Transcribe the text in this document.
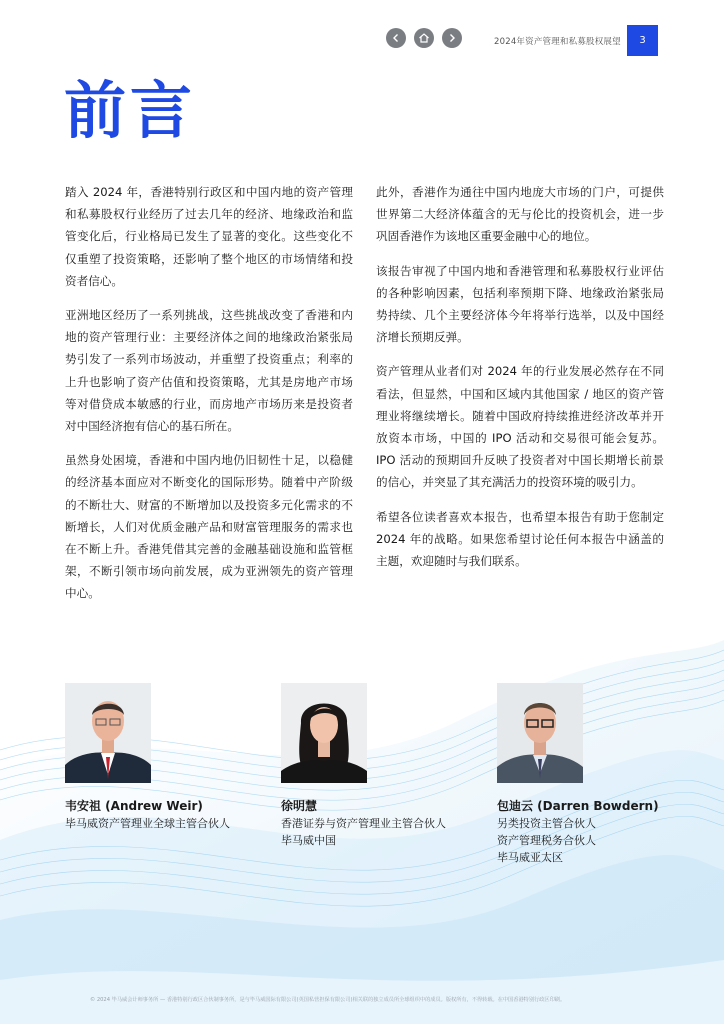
2024年资产管理和私募股权展望	3
前言

踏入 2024 年，香港特别行政区和中国内地的资产管理和私募股权行业经历了过去几年的经济、地缘政治和监管变化后，行业格局已发生了显著的变化。这些变化不仅重塑了投资策略，还影响了整个地区的市场情绪和投资者信心。

亚洲地区经历了一系列挑战，这些挑战改变了香港和内地的资产管理行业：主要经济体之间的地缘政治紧张局势引发了一系列市场波动，并重塑了投资重点；利率的上升也影响了资产估值和投资策略，尤其是房地产市场等对借贷成本敏感的行业，而房地产市场历来是投资者对中国经济抱有信心的基石所在。

虽然身处困境，香港和中国内地仍旧韧性十足，以稳健的经济基本面应对不断变化的国际形势。随着中产阶级的不断壮大、财富的不断增加以及投资多元化需求的不断增长，人们对优质金融产品和财富管理服务的需求也在不断上升。香港凭借其完善的金融基础设施和监管框架，不断引领市场向前发展，成为亚洲领先的资产管理中心。

此外，香港作为通往中国内地庞大市场的门户，可提供世界第二大经济体蕴含的无与伦比的投资机会，进一步巩固香港作为该地区重要金融中心的地位。

该报告审视了中国内地和香港管理和私募股权行业评估的各种影响因素，包括利率预期下降、地缘政治紧张局势持续、几个主要经济体今年将举行选举，以及中国经济增长预期反弹。

资产管理从业者们对 2024 年的行业发展必然存在不同看法，但显然，中国和区域内其他国家 / 地区的资产管理业将继续增长。随着中国政府持续推进经济改革并开放资本市场，中国的 IPO 活动和交易很可能会复苏。IPO 活动的预期回升反映了投资者对中国长期增长前景的信心，并突显了其充满活力的投资环境的吸引力。

希望各位读者喜欢本报告，也希望本报告有助于您制定 2024 年的战略。如果您希望讨论任何本报告中涵盖的主题，欢迎随时与我们联系。

韦安祖 (Andrew Weir)
毕马威资产管理业全球主管合伙人
徐明慧
香港证券与资产管理业主管合伙人
毕马威中国
包迪云 (Darren Bowdern)
另类投资主管合伙人
资产管理税务合伙人
毕马威亚太区
© 2024 毕马威会计师事务所 — 香港特别行政区合伙制事务所，是与毕马威国际有限公司(英国私营担保有限公司)相关联的独立成员所全球组织中的成员。版权所有，不得转载。在中国香港特别行政区印刷。
